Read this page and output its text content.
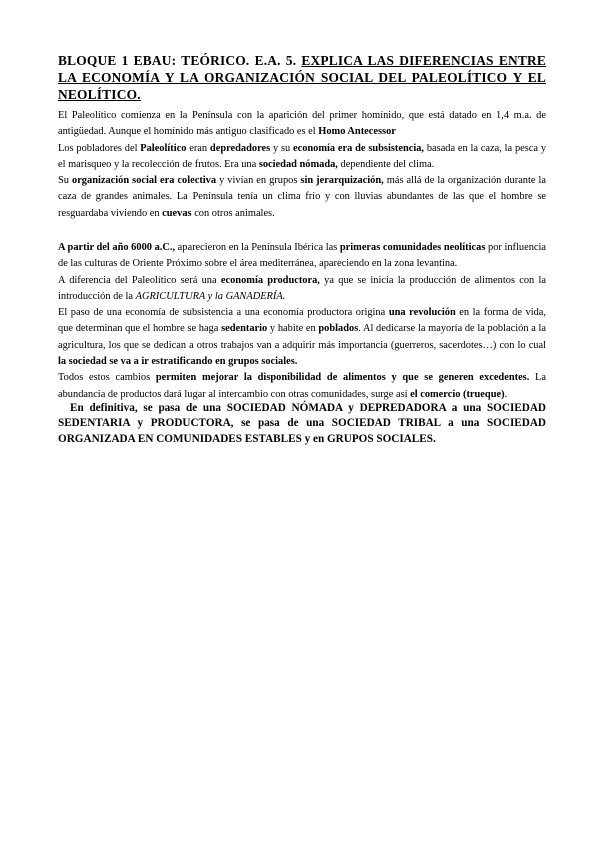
BLOQUE 1 EBAU: TEÓRICO. E.A. 5. EXPLICA LAS DIFERENCIAS ENTRE LA ECONOMÍA Y LA ORGANIZACIÓN SOCIAL DEL PALEOLÍTICO Y EL NEOLÍTICO.
El Paleolítico comienza en la Península con la aparición del primer homínido, que está datado en 1,4 m.a. de antigüedad. Aunque el homínido más antiguo clasificado es el Homo Antecessor
Los pobladores del Paleolítico eran depredadores y su economía era de subsistencia, basada en la caza, la pesca y el marisqueo y la recolección de frutos. Era una sociedad nómada, dependiente del clima.
Su organización social era colectiva y vivían en grupos sin jerarquización, más allá de la organización durante la caza de grandes animales. La Península tenía un clima frío y con lluvias abundantes de las que el hombre se resguardaba viviendo en cuevas con otros animales.
A partir del año 6000 a.C., aparecieron en la Península Ibérica las primeras comunidades neolíticas por influencia de las culturas de Oriente Próximo sobre el área mediterránea, apareciendo en la zona levantina.
A diferencia del Paleolítico será una economía productora, ya que se inicia la producción de alimentos con la introducción de la AGRICULTURA y la GANADERÍA.
El paso de una economía de subsistencia a una economía productora origina una revolución en la forma de vida, que determinan que el hombre se haga sedentario y habite en poblados. Al dedicarse la mayoría de la población a la agricultura, los que se dedican a otros trabajos van a adquirir más importancia (guerreros, sacerdotes…) con lo cual la sociedad se va a ir estratificando en grupos sociales.
Todos estos cambios permiten mejorar la disponibilidad de alimentos y que se generen excedentes. La abundancia de productos dará lugar al intercambio con otras comunidades, surge así el comercio (trueque).
En definitiva, se pasa de una SOCIEDAD NÓMADA y DEPREDADORA a una SOCIEDAD SEDENTARIA y PRODUCTORA, se pasa de una SOCIEDAD TRIBAL a una SOCIEDAD ORGANIZADA EN COMUNIDADES ESTABLES y en GRUPOS SOCIALES.
